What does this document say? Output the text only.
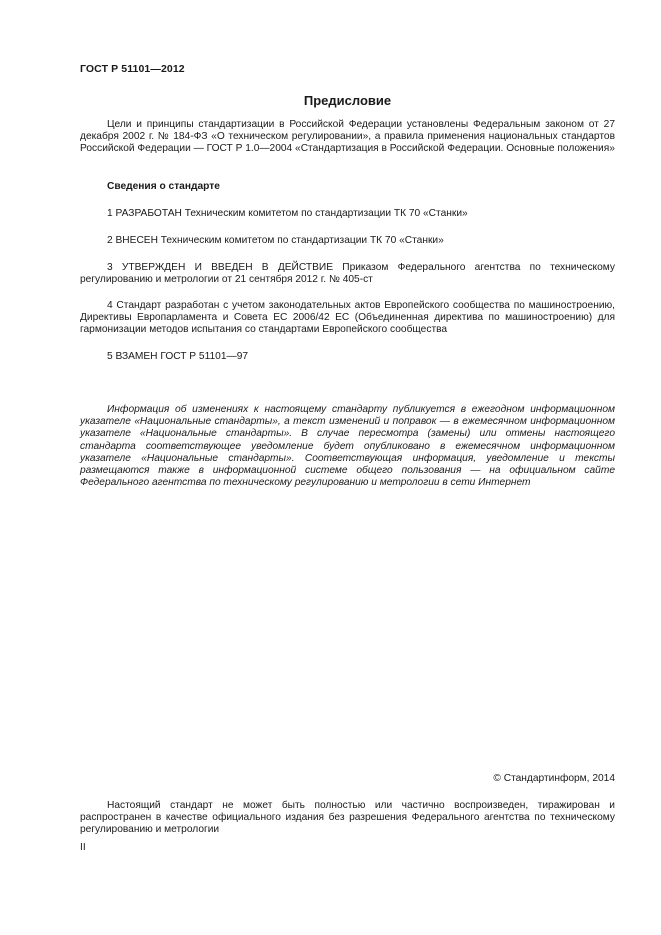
ГОСТ Р 51101—2012
Предисловие
Цели и принципы стандартизации в Российской Федерации установлены Федеральным законом от 27 декабря 2002 г. № 184-ФЗ «О техническом регулировании», а правила применения национальных стандартов Российской Федерации — ГОСТ Р 1.0—2004 «Стандартизация в Российской Федерации. Основные положения»
Сведения о стандарте
1 РАЗРАБОТАН Техническим комитетом по стандартизации ТК 70 «Станки»
2 ВНЕСЕН Техническим комитетом по стандартизации ТК 70 «Станки»
3 УТВЕРЖДЕН И ВВЕДЕН В ДЕЙСТВИЕ Приказом Федерального агентства по техническому регулированию и метрологии от 21 сентября 2012 г. № 405-ст
4 Стандарт разработан с учетом законодательных актов Европейского сообщества по машиностроению, Директивы Европарламента и Совета ЕС 2006/42 ЕС (Объединенная директива по машиностроению) для гармонизации методов испытания со стандартами Европейского сообщества
5 ВЗАМЕН ГОСТ Р 51101—97
Информация об изменениях к настоящему стандарту публикуется в ежегодном информационном указателе «Национальные стандарты», а текст изменений и поправок — в ежемесячном информационном указателе «Национальные стандарты». В случае пересмотра (замены) или отмены настоящего стандарта соответствующее уведомление будет опубликовано в ежемесячном информационном указателе «Национальные стандарты». Соответствующая информация, уведомление и тексты размещаются также в информационной системе общего пользования — на официальном сайте Федерального агентства по техническому регулированию и метрологии в сети Интернет
© Стандартинформ, 2014
Настоящий стандарт не может быть полностью или частично воспроизведен, тиражирован и распространен в качестве официального издания без разрешения Федерального агентства по техническому регулированию и метрологии
II
